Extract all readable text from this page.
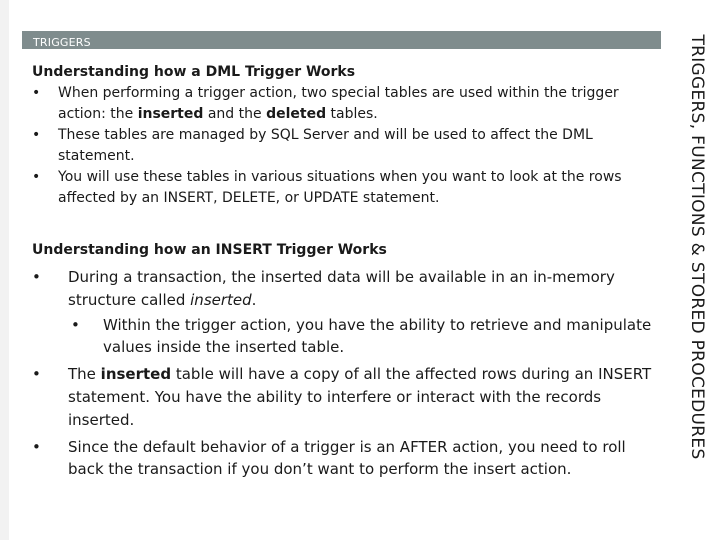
TRIGGERS	TRIGGERS, FUNCTIONS & STORED PROCEDURES
Understanding how a DML Trigger Works
• When performing a trigger action, two special tables are used within the trigger action: the inserted and the deleted tables.
• These tables are managed by SQL Server and will be used to affect the DML statement.
• You will use these tables in various situations when you want to look at the rows affected by an INSERT, DELETE, or UPDATE statement.
Understanding how an INSERT Trigger Works
• During a transaction, the inserted data will be available in an in-memory structure called inserted.
• Within the trigger action, you have the ability to retrieve and manipulate values inside the inserted table.
• The inserted table will have a copy of all the affected rows during an INSERT statement. You have the ability to interfere or interact with the records inserted.
• Since the default behavior of a trigger is an AFTER action, you need to roll back the transaction if you don’t want to perform the insert action.
